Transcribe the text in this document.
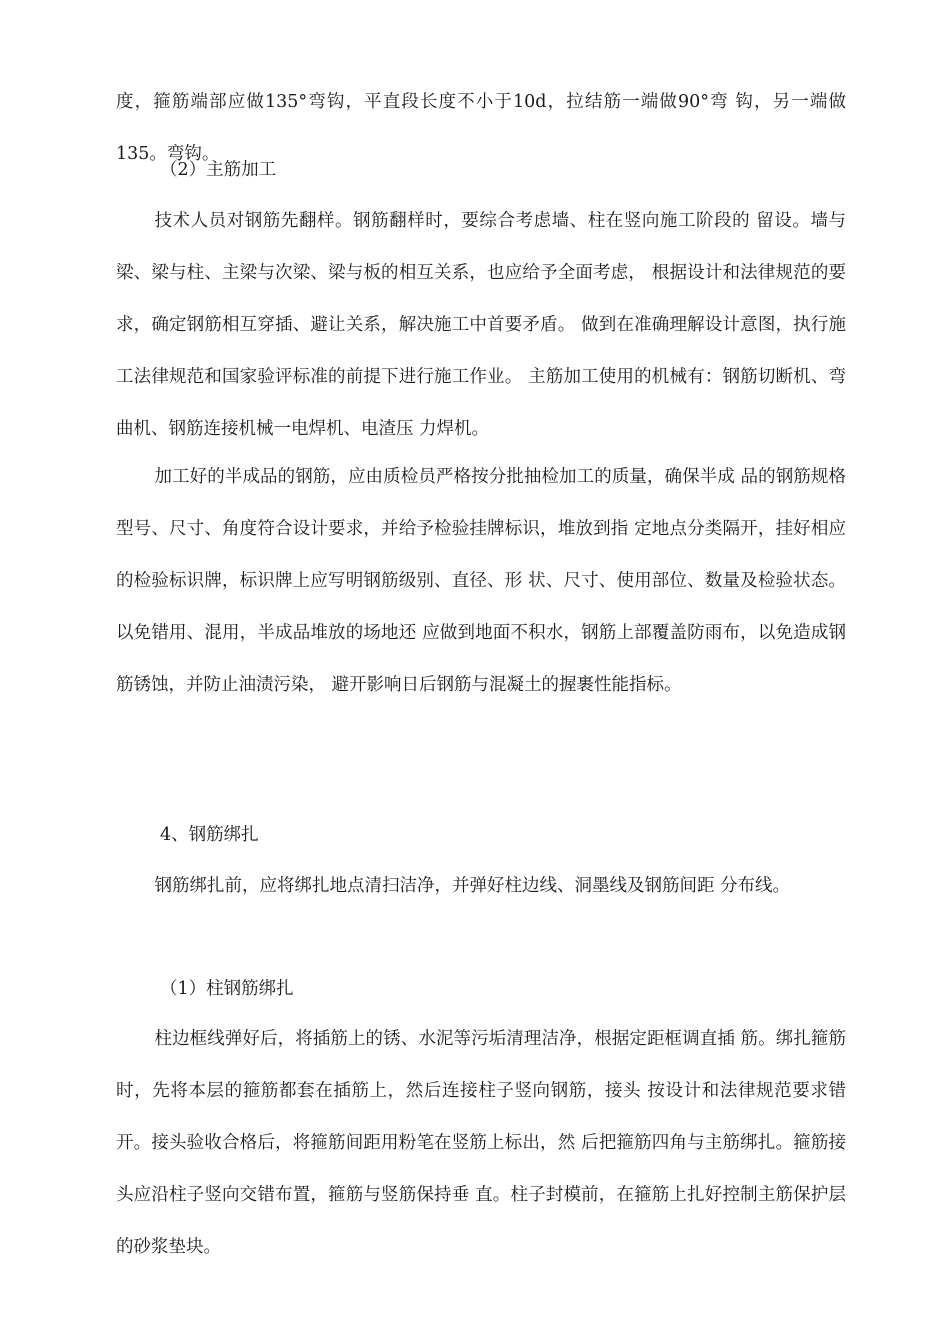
度，箍筋端部应做135°弯钩，平直段长度不小于10d，拉结筋一端做90°弯 钩，另一端做135。弯钩。

（2）主筋加工

技术人员对钢筋先翻样。钢筋翻样时，要综合考虑墙、柱在竖向施工阶段的 留设。墙与梁、梁与柱、主梁与次梁、梁与板的相互关系，也应给予全面考虑， 根据设计和法律规范的要求，确定钢筋相互穿插、避让关系，解决施工中首要矛盾。 做到在准确理解设计意图，执行施工法律规范和国家验评标准的前提下进行施工作业。 主筋加工使用的机械有：钢筋切断机、弯曲机、钢筋连接机械一电焊机、电渣压 力焊机。

加工好的半成品的钢筋，应由质检员严格按分批抽检加工的质量，确保半成 品的钢筋规格型号、尺寸、角度符合设计要求，并给予检验挂牌标识，堆放到指 定地点分类隔开，挂好相应的检验标识牌，标识牌上应写明钢筋级别、直径、形 状、尺寸、使用部位、数量及检验状态。以免错用、混用，半成品堆放的场地还 应做到地面不积水，钢筋上部覆盖防雨布，以免造成钢筋锈蚀，并防止油渍污染， 避开影响日后钢筋与混凝土的握裹性能指标。

4、钢筋绑扎

钢筋绑扎前，应将绑扎地点清扫洁净，并弹好柱边线、洞墨线及钢筋间距 分布线。

（1）柱钢筋绑扎

柱边框线弹好后，将插筋上的锈、水泥等污垢清理洁净，根据定距框调直插 筋。绑扎箍筋时，先将本层的箍筋都套在插筋上，然后连接柱子竖向钢筋，接头 按设计和法律规范要求错开。接头验收合格后，将箍筋间距用粉笔在竖筋上标出，然 后把箍筋四角与主筋绑扎。箍筋接头应沿柱子竖向交错布置，箍筋与竖筋保持垂 直。柱子封模前，在箍筋上扎好控制主筋保护层的砂浆垫块。
